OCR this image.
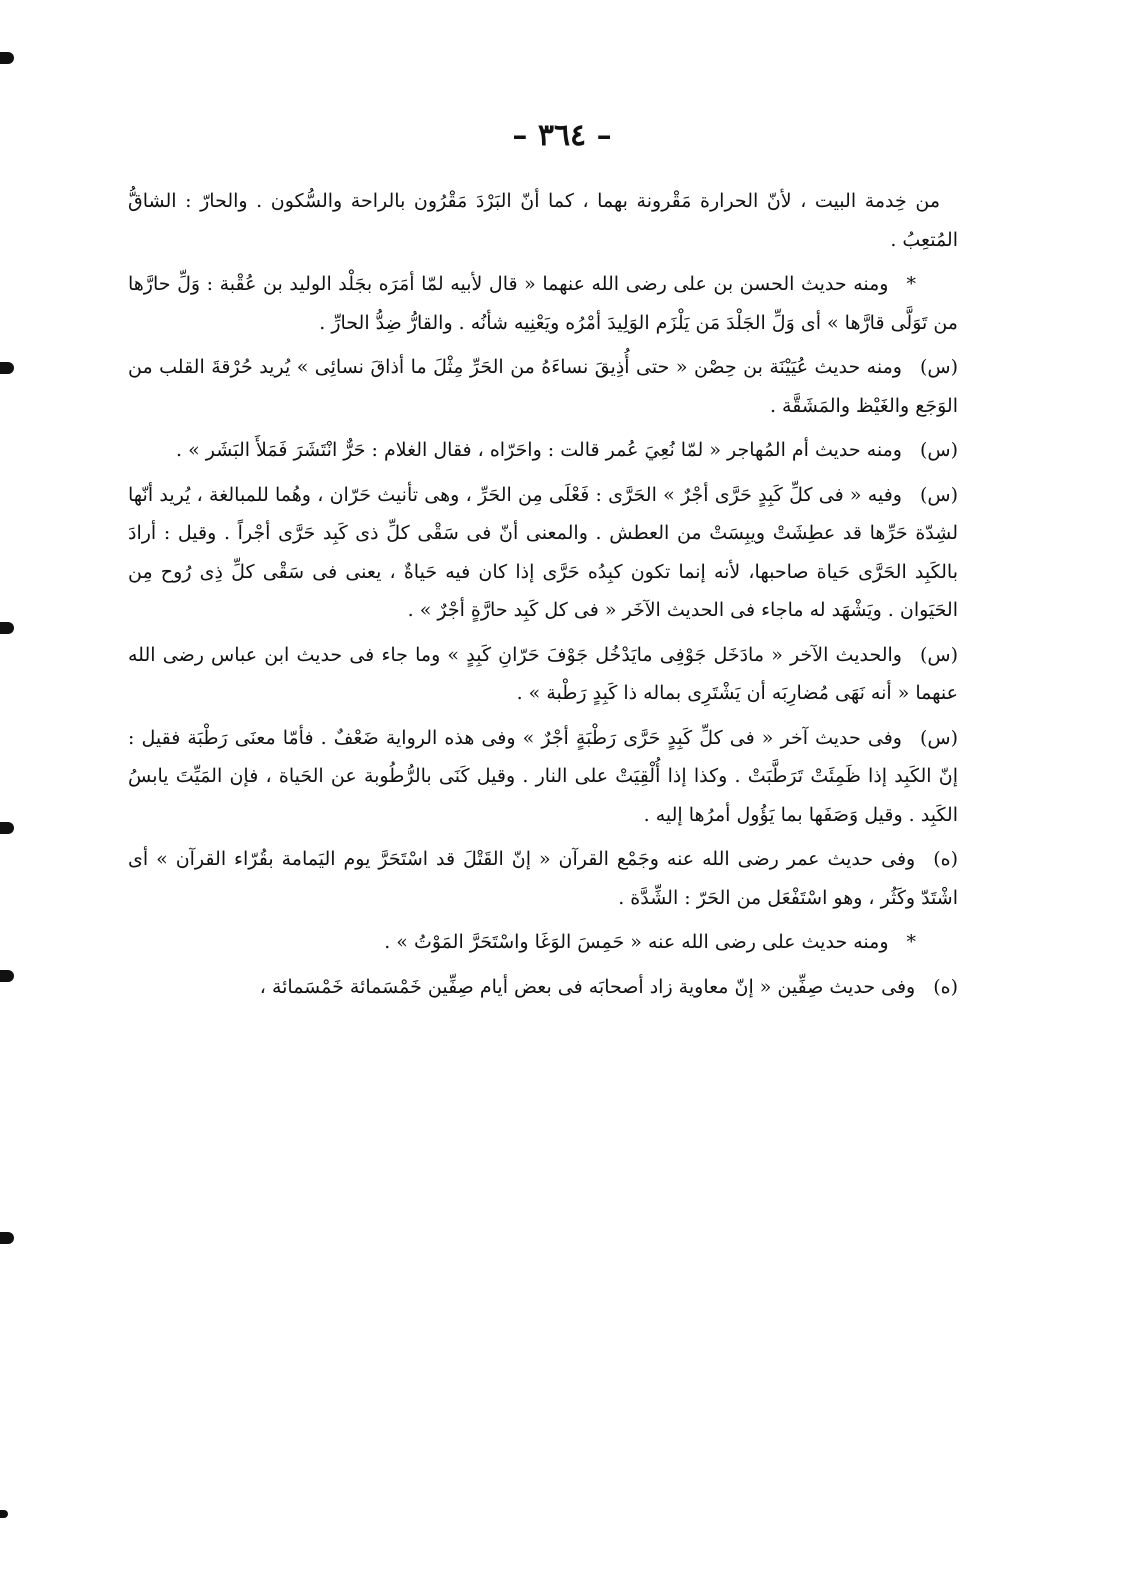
– ٣٦٤ –

من خِدمة البيت ، لأنّ الحرارة مَقْرونة بهما ، كما أنّ البَرْدَ مَقْرُون بالراحة والسُّكون . والحارّ : الشاقُّ المُتعِبُ .

*ومنه حديث الحسن بن على رضى الله عنهما « قال لأبيه لمّا أمَرَه بجَلْد الوليد بن عُقْبة : وَلِّ حارَّها من تَوَلَّى قارَّها » أى وَلِّ الجَلْدَ مَن يَلْزَم الوَلِيدَ أمْرُه ويَعْنِيه شأنُه . والقارُّ ضِدُّ الحارِّ .

(س)ومنه حديث عُيَيْنَة بن حِصْن « حتى أُذِيقَ نساءَهُ من الحَرِّ مِثْلَ ما أذاقَ نسائِى » يُريد حُرْقةَ القلب من الوَجَع والغَيْظ والمَشَقَّة .

(س)ومنه حديث أم المُهاجر « لمّا نُعِيَ عُمر قالت : واحَرّاه ، فقال الغلام : حَرٌّ انْتَشَرَ فَمَلأَ البَشَر » .

(س)وفيه « فى كلِّ كَبِدٍ حَرَّى أجْرٌ » الحَرَّى : فَعْلَى مِن الحَرِّ ، وهى تأنيث حَرّان ، وهُما للمبالغة ، يُريد أنّها لشِدّة حَرِّها قد عطِشَتْ ويبِسَتْ من العطش . والمعنى أنّ فى سَقْى كلِّ ذى كَبِد حَرَّى أجْراً . وقيل : أرادَ بالكَبِد الحَرَّى حَياة صاحبها، لأنه إنما تكون كبِدُه حَرَّى إذا كان فيه حَياةٌ ، يعنى فى سَقْى كلِّ ذِى رُوح مِن الحَيَوان . ويَشْهَد له ماجاء فى الحديث الآخَر « فى كل كَبِد حارَّةٍ أجْرٌ » .

(س)والحديث الآخر « مادَخَل جَوْفِى مايَدْخُل جَوْفَ حَرّانِ كَبِدٍ » وما جاء فى حديث ابن عباس رضى الله عنهما « أنه نَهَى مُضارِبَه أن يَشْتَرِى بماله ذا كَبِدٍ رَطْبة » .

(س)وفى حديث آخر « فى كلِّ كَبِدٍ حَرَّى رَطْبَةٍ أجْرٌ » وفى هذه الرواية ضَعْفٌ . فأمّا معنَى رَطْبَة فقيل : إنّ الكَبِد إذا ظَمِئَتْ تَرَطَّبَتْ . وكذا إذا أُلْقِيَتْ على النار . وقيل كَنَى بالرُّطُوبة عن الحَياة ، فإن المَيِّتَ يابسُ الكَبِد . وقيل وَصَفَها بما يَؤُول أمرُها إليه .

(ه)وفى حديث عمر رضى الله عنه وجَمْع القرآن « إنّ القَتْلَ قد اسْتَحَرَّ يوم اليَمامة بقُرّاء القرآن » أى اشْتَدّ وكَثُر ، وهو اسْتَفْعَل من الحَرّ : الشِّدَّة .

*ومنه حديث على رضى الله عنه « حَمِسَ الوَغَا واسْتَحَرَّ المَوْتُ » .

(ه)وفى حديث صِفِّين « إنّ معاوية زاد أصحابَه فى بعض أيام صِفِّين خَمْسَمائة خَمْسَمائة ،
